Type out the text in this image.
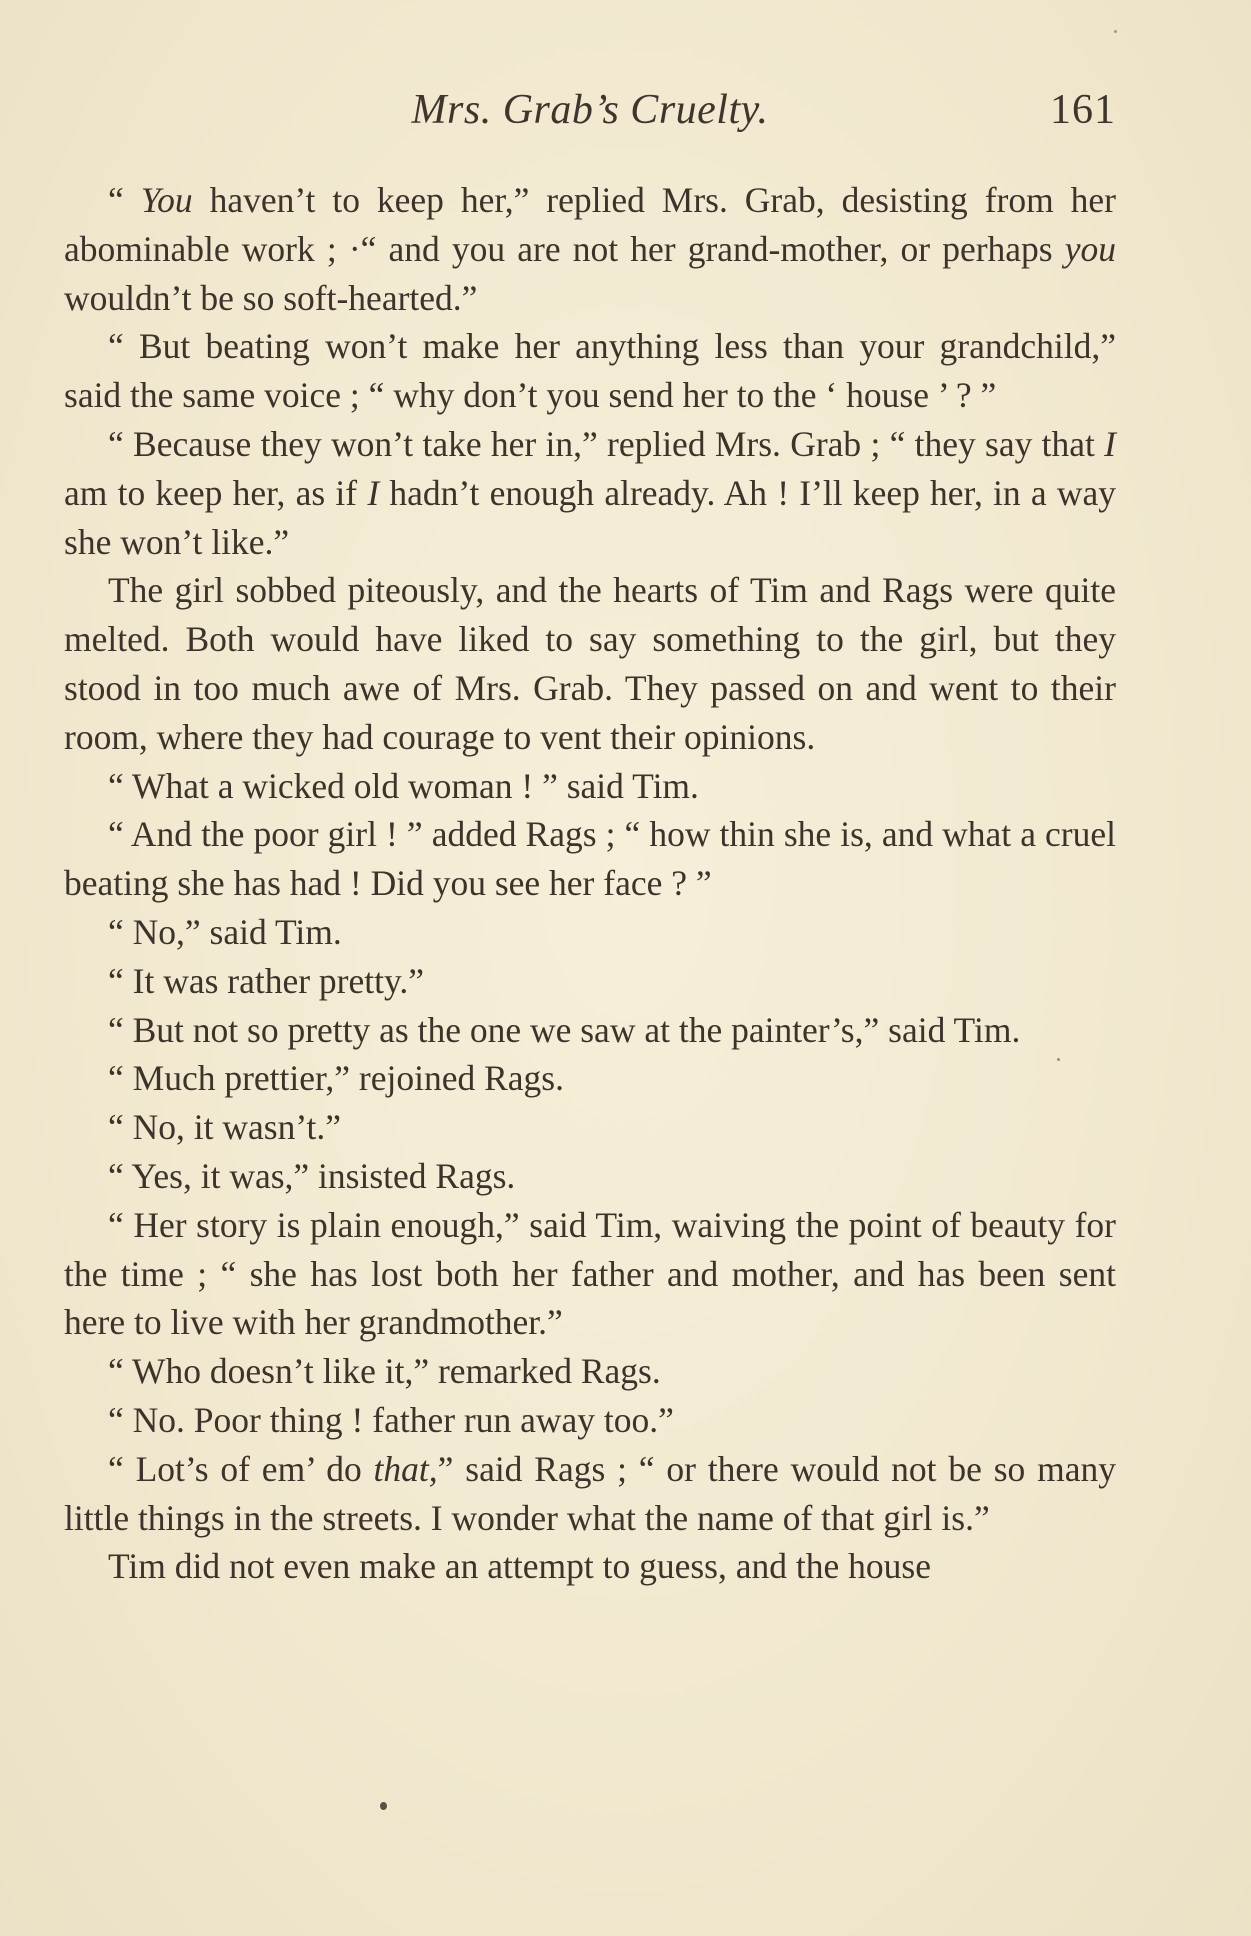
Mrs. Grab’s Cruelty.	161

“ You haven’t to keep her,” replied Mrs. Grab, desisting from her abominable work ; ·“ and you are not her grand-mother, or perhaps you wouldn’t be so soft-hearted.”

“ But beating won’t make her anything less than your grandchild,” said the same voice ; “ why don’t you send her to the ‘ house ’ ? ”

“ Because they won’t take her in,” replied Mrs. Grab ; “ they say that I am to keep her, as if I hadn’t enough already. Ah ! I’ll keep her, in a way she won’t like.”

The girl sobbed piteously, and the hearts of Tim and Rags were quite melted. Both would have liked to say something to the girl, but they stood in too much awe of Mrs. Grab. They passed on and went to their room, where they had courage to vent their opinions.

“ What a wicked old woman ! ” said Tim.

“ And the poor girl ! ” added Rags ; “ how thin she is, and what a cruel beating she has had ! Did you see her face ? ”

“ No,” said Tim.

“ It was rather pretty.”

“ But not so pretty as the one we saw at the painter’s,” said Tim.

“ Much prettier,” rejoined Rags.

“ No, it wasn’t.”

“ Yes, it was,” insisted Rags.

“ Her story is plain enough,” said Tim, waiving the point of beauty for the time ; “ she has lost both her father and mother, and has been sent here to live with her grandmother.”

“ Who doesn’t like it,” remarked Rags.

“ No. Poor thing ! father run away too.”

“ Lot’s of em’ do that,” said Rags ; “ or there would not be so many little things in the streets. I wonder what the name of that girl is.”

Tim did not even make an attempt to guess, and the house
